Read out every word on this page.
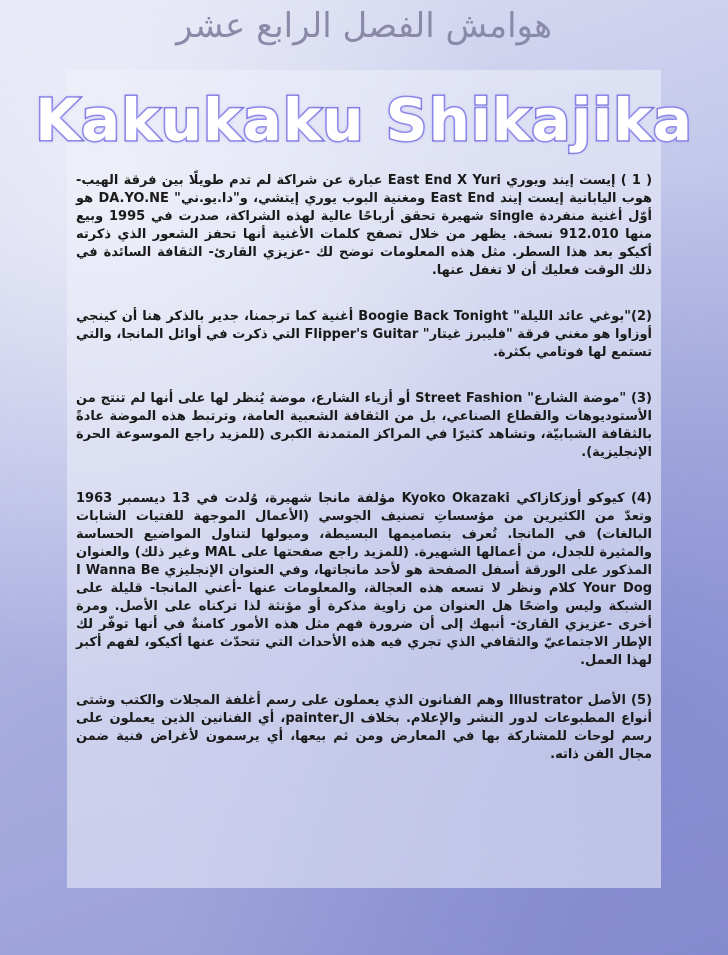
هوامش الفصل الرابع عشر
Kakukaku Shikajika

( 1 ) إيست إيند ويوري East End X Yuri عبارة عن شراكة لم تدم طويلًا بين فرقة الهيب-هوب اليابانية إيست إيند East End ومغنية البوب يوري إيتشي، و"دا.يو.ني" DA.YO.NE هو أوّل أغنية منفردة single شهيرة تحقق أرباحًا عالية لهذه الشراكة، صدرت في 1995 وبيع منها 912.010 نسخة. يظهر من خلال تصفح كلمات الأغنية أنها تحفز الشعور الذي ذكرته أكيكو بعد هذا السطر. مثل هذه المعلومات توضح لك -عزيزي القارئ- الثقافة السائدة في ذلك الوقت فعليك أن لا تغفل عنها.

(2)"بوغي عائد الليلة" Boogie Back Tonight أغنية كما ترجمنا، جدير بالذكر هنا أن كينجي أوزاوا هو مغني فرقة "فليبرز غيتار" Flipper's Guitar التي ذكرت في أوائل المانجا، والتي تستمع لها فوتامي بكثرة.

(3) "موضة الشارع" Street Fashion أو أزياء الشارع، موضة يُنظر لها على أنها لم تنتج من الأستوديوهات والقطاع الصناعي، بل من الثقافة الشعبية العامة، وترتبط هذه الموضة عادةً بالثقافة الشبابيّة، وتشاهد كثيرًا في المراكز المتمدنة الكبرى (للمزيد راجع الموسوعة الحرة الإنجليزية).

(4) كيوكو أوزكازاكي Kyoko Okazaki مؤلفة مانجا شهيرة، وُلدت في 13 ديسمبر 1963 وتعدّ من الكثيرين من مؤسساتِ تصنيف الجوسي (الأعمال الموجهة للفتيات الشابات البالغات) في المانجا. تُعرف بتصاميمها البسيطة، وميولها لتناول المواضيع الحساسة والمثيرة للجدل، من أعمالها الشهيرة. (للمزيد راجع صفحتها على MAL وغير ذلك) والعنوان المذكور على الورقة أسفل الصفحة هو لأحد مانجاتها، وفي العنوان الإنجليزي I Wanna Be Your Dog كلام ونظر لا تسعه هذه العجالة، والمعلومات عنها -أعني المانجا- قليلة على الشبكة وليس واضحًا هل العنوان من زاوية مذكرة أو مؤنثة لذا تركناه على الأصل. ومرة أخرى -عزيزي القارئ- أنبهك إلى أن ضرورة فهم مثل هذه الأمور كامنةٌ في أنها توفّر لك الإطار الاجتماعيّ والثقافي الذي تجري فيه هذه الأحداث التي تتحدّث عنها أكيكو، لفهم أكبر لهذا العمل.

(5) الأصل Illustrator وهم الفنانون الذي يعملون على رسم أغلفة المجلات والكتب وشتى أنواع المطبوعات لدور النشر والإعلام. بخلاف الpainter، أي الفنانين الذين يعملون على رسم لوحات للمشاركة بها في المعارض ومن ثم بيعها، أي يرسمون لأغراض فنية ضمن مجال الفن ذاته.
